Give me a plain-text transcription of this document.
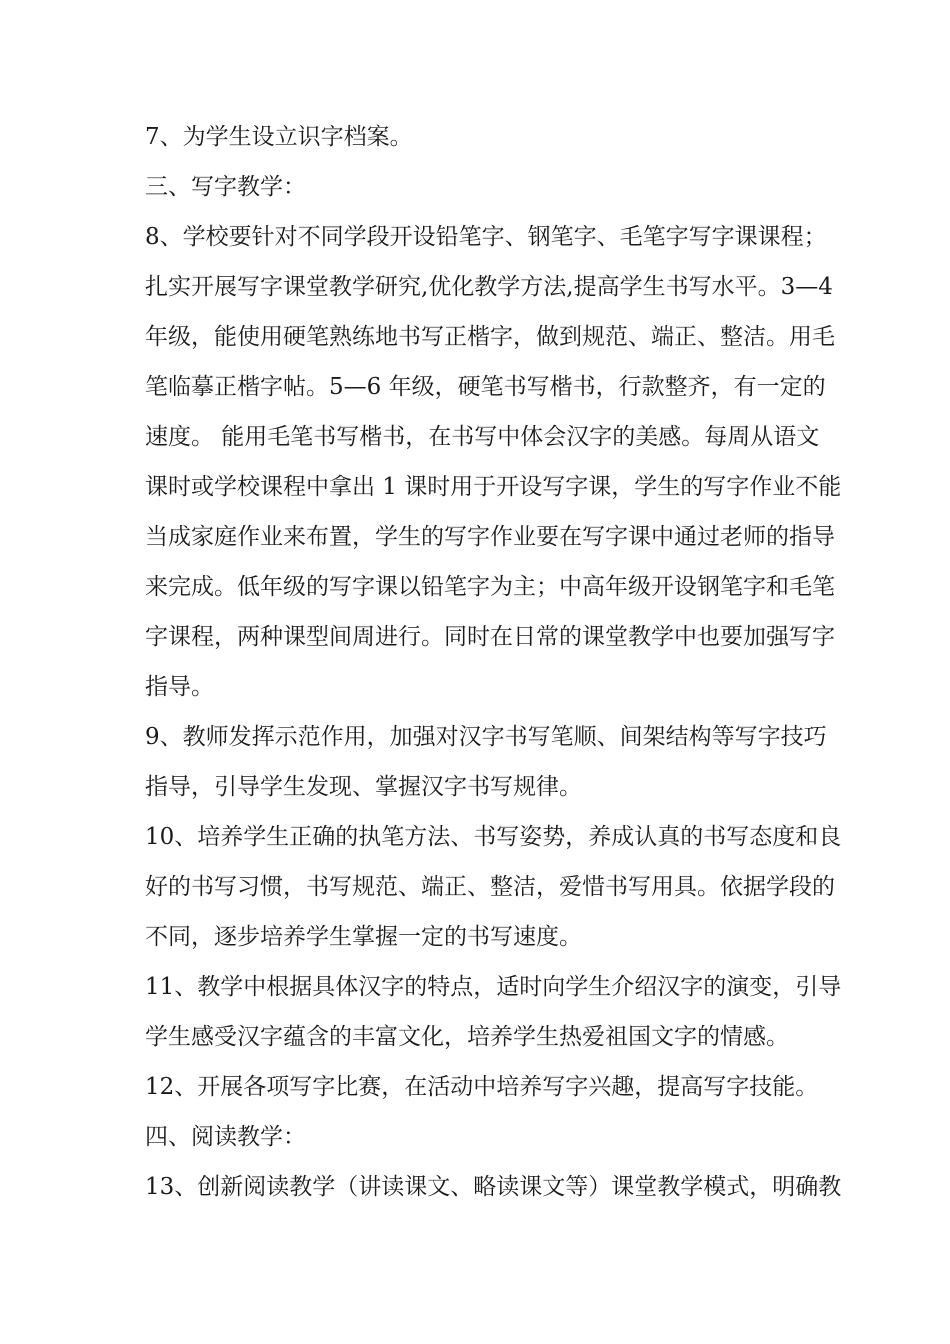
7、为学生设立识字档案。
三、写字教学：
8、学校要针对不同学段开设铅笔字、钢笔字、毛笔字写字课课程；
扎实开展写字课堂教学研究,优化教学方法,提高学生书写水平。3—4
年级，能使用硬笔熟练地书写正楷字，做到规范、端正、整洁。用毛
笔临摹正楷字帖。5—6 年级，硬笔书写楷书，行款整齐，有一定的
速度。 能用毛笔书写楷书，在书写中体会汉字的美感。每周从语文
课时或学校课程中拿出 1 课时用于开设写字课，学生的写字作业不能
当成家庭作业来布置，学生的写字作业要在写字课中通过老师的指导
来完成。低年级的写字课以铅笔字为主；中高年级开设钢笔字和毛笔
字课程，两种课型间周进行。同时在日常的课堂教学中也要加强写字
指导。
9、教师发挥示范作用，加强对汉字书写笔顺、间架结构等写字技巧
指导，引导学生发现、掌握汉字书写规律。
10、培养学生正确的执笔方法、书写姿势，养成认真的书写态度和良
好的书写习惯，书写规范、端正、整洁，爱惜书写用具。依据学段的
不同，逐步培养学生掌握一定的书写速度。
11、教学中根据具体汉字的特点，适时向学生介绍汉字的演变，引导
学生感受汉字蕴含的丰富文化，培养学生热爱祖国文字的情感。
12、开展各项写字比赛，在活动中培养写字兴趣，提高写字技能。
四、阅读教学：
13、创新阅读教学（讲读课文、略读课文等）课堂教学模式，明确教
